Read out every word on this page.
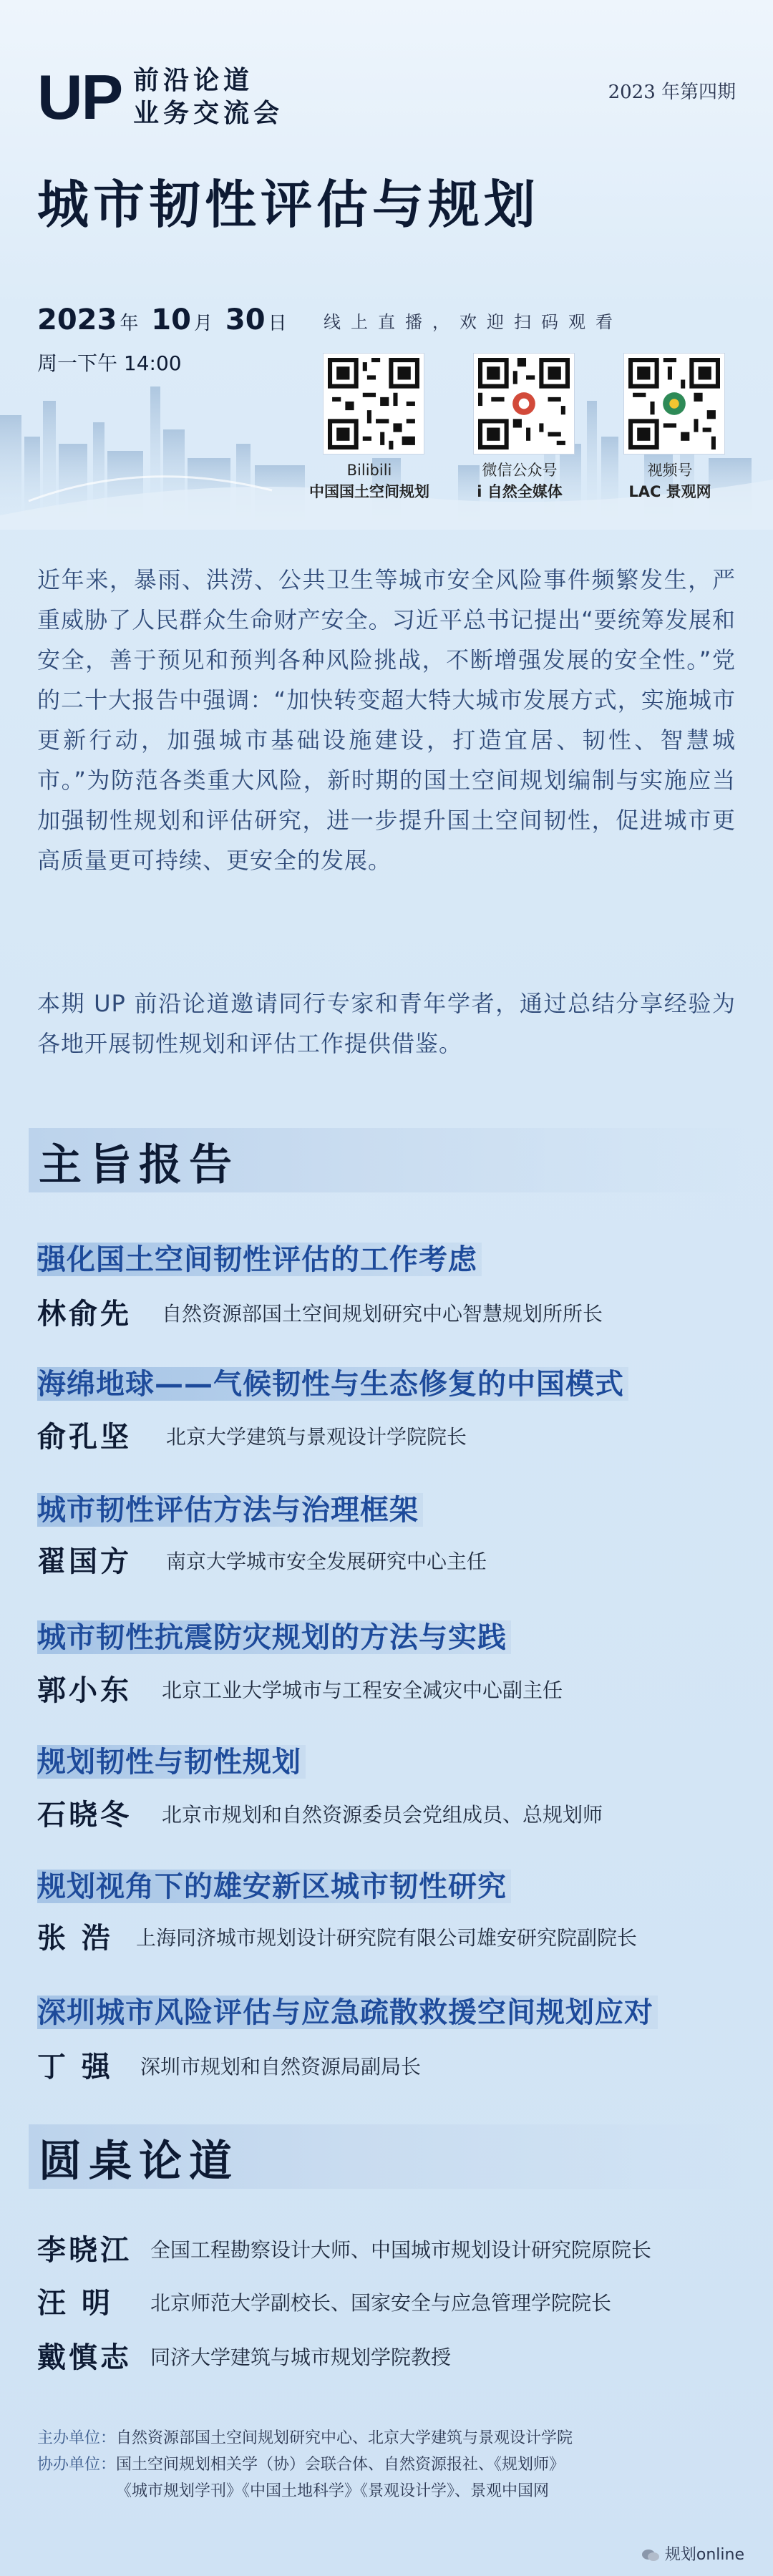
UP 前沿论道
业务交流会
2023 年第四期
城市韧性评估与规划
2023 年 10 月 30 日
周一下午 14:00
线上直播，欢迎扫码观看
Bilibili
中国国土空间规划
微信公众号
i 自然全媒体
视频号
LAC 景观网
近年来，暴雨、洪涝、公共卫生等城市安全风险事件频繁发生，严重威胁了人民群众生命财产安全。习近平总书记提出“要统筹发展和安全，善于预见和预判各种风险挑战，不断增强发展的安全性。”党的二十大报告中强调：“加快转变超大特大城市发展方式，实施城市更新行动，加强城市基础设施建设，打造宜居、韧性、智慧城市。”为防范各类重大风险，新时期的国土空间规划编制与实施应当加强韧性规划和评估研究，进一步提升国土空间韧性，促进城市更高质量更可持续、更安全的发展。
本期 UP 前沿论道邀请同行专家和青年学者，通过总结分享经验为各地开展韧性规划和评估工作提供借鉴。
主旨报告
强化国土空间韧性评估的工作考虑
林俞先 自然资源部国土空间规划研究中心智慧规划所所长
海绵地球——气候韧性与生态修复的中国模式
俞孔坚 北京大学建筑与景观设计学院院长
城市韧性评估方法与治理框架
翟国方 南京大学城市安全发展研究中心主任
城市韧性抗震防灾规划的方法与实践
郭小东 北京工业大学城市与工程安全减灾中心副主任
规划韧性与韧性规划
石晓冬 北京市规划和自然资源委员会党组成员、总规划师
规划视角下的雄安新区城市韧性研究
张 浩 上海同济城市规划设计研究院有限公司雄安研究院副院长
深圳城市风险评估与应急疏散救援空间规划应对
丁 强 深圳市规划和自然资源局副局长
圆桌论道
李晓江 全国工程勘察设计大师、中国城市规划设计研究院原院长
汪 明 北京师范大学副校长、国家安全与应急管理学院院长
戴慎志 同济大学建筑与城市规划学院教授
主办单位：自然资源部国土空间规划研究中心、北京大学建筑与景观设计学院
协办单位：国土空间规划相关学（协）会联合体、自然资源报社、《规划师》
《城市规划学刊》《中国土地科学》《景观设计学》、景观中国网
规划online
